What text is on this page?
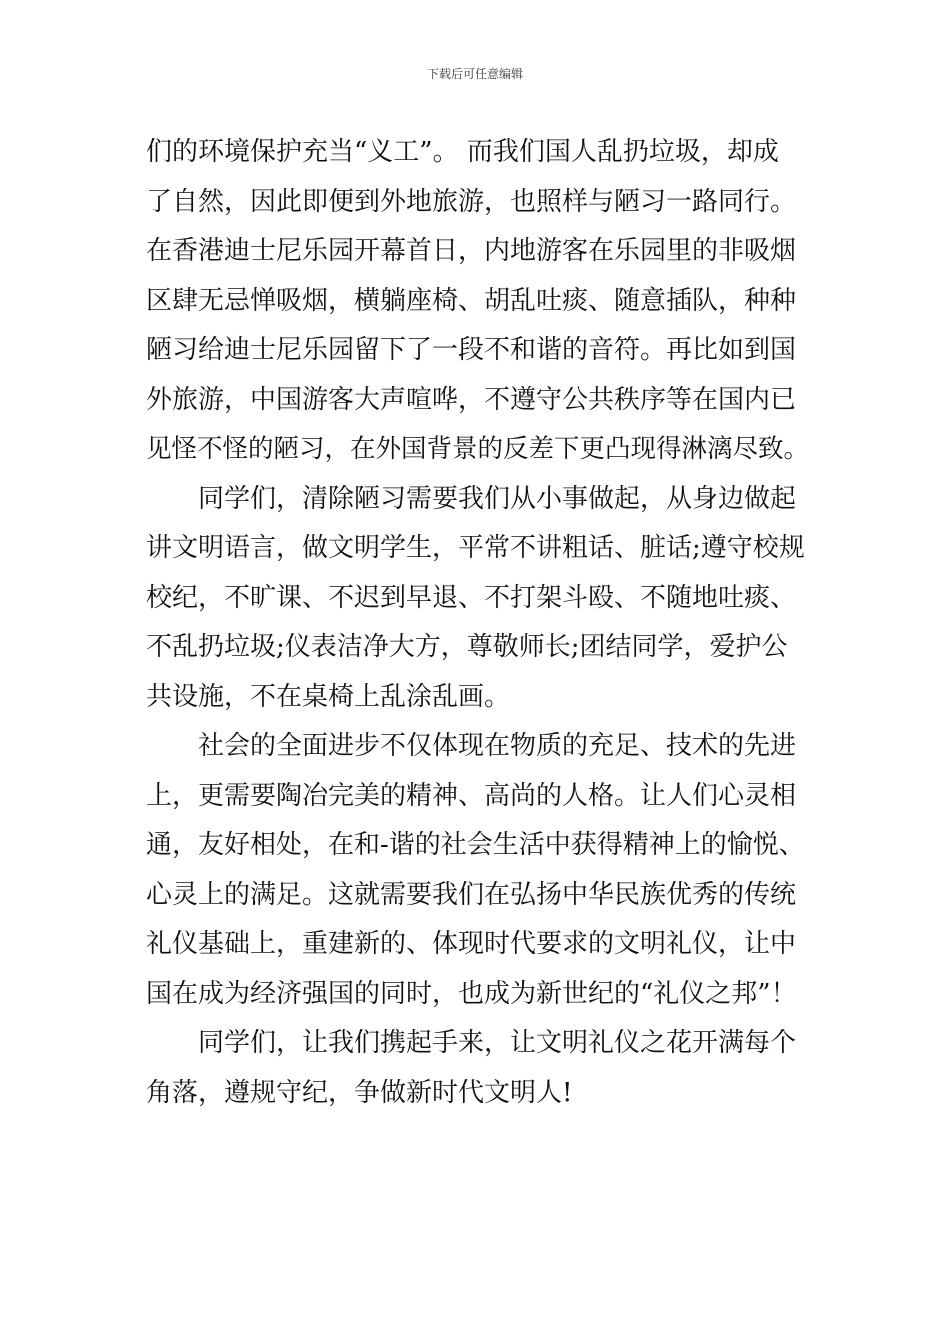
下载后可任意编辑
们的环境保护充当“义工”。 而我们国人乱扔垃圾，却成
了自然，因此即便到外地旅游，也照样与陋习一路同行。
在香港迪士尼乐园开幕首日，内地游客在乐园里的非吸烟
区肆无忌惮吸烟，横躺座椅、胡乱吐痰、随意插队，种种
陋习给迪士尼乐园留下了一段不和谐的音符。再比如到国
外旅游，中国游客大声喧哗，不遵守公共秩序等在国内已
见怪不怪的陋习，在外国背景的反差下更凸现得淋漓尽致。
同学们，清除陋习需要我们从小事做起，从身边做起
讲文明语言，做文明学生，平常不讲粗话、脏话;遵守校规
校纪，不旷课、不迟到早退、不打架斗殴、不随地吐痰、
不乱扔垃圾;仪表洁净大方，尊敬师长;团结同学，爱护公
共设施，不在桌椅上乱涂乱画。
社会的全面进步不仅体现在物质的充足、技术的先进
上，更需要陶冶完美的精神、高尚的人格。让人们心灵相
通，友好相处，在和-谐的社会生活中获得精神上的愉悦、
心灵上的满足。这就需要我们在弘扬中华民族优秀的传统
礼仪基础上，重建新的、体现时代要求的文明礼仪，让中
国在成为经济强国的同时，也成为新世纪的“礼仪之邦”！
同学们，让我们携起手来，让文明礼仪之花开满每个
角落，遵规守纪，争做新时代文明人!
